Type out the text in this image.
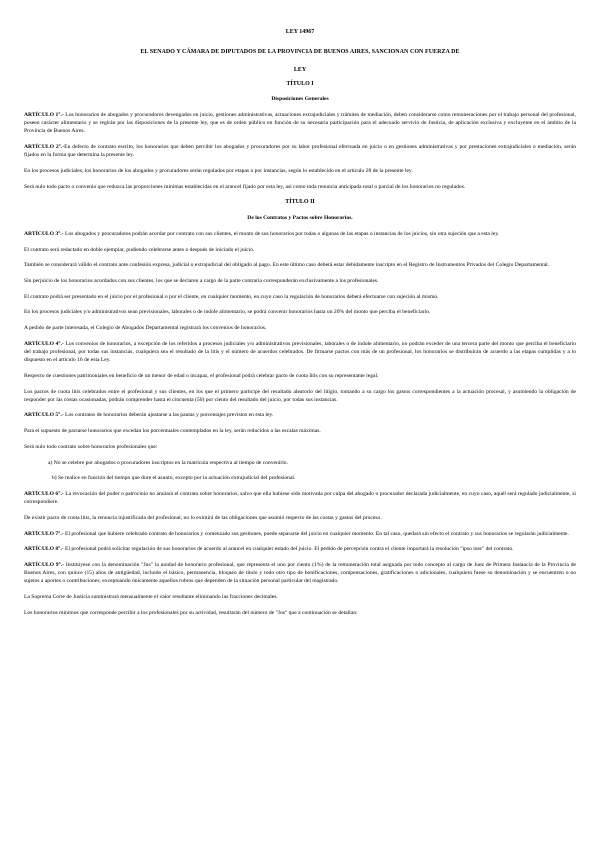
LEY 14967
EL SENADO Y CÁMARA DE DIPUTADOS DE LA PROVINCIA DE BUENOS AIRES, SANCIONAN CON FUERZA DE
LEY
TÍTULO I
Disposiciones Generales

ARTÍCULO 1°.- Los honorarios de abogados y procuradores devengados en juicio, gestiones administrativas, actuaciones extrajudiciales y trámites de mediación, deben considerarse como remuneraciones por el trabajo personal del profesional, poseen carácter alimentario y se regirán por las disposiciones de la presente ley, que es de orden público en función de su necesaria participación para el adecuado servicio de Justicia, de aplicación exclusiva y excluyente en el ámbito de la Provincia de Buenos Aires.

ARTÍCULO 2°.-En defecto de contrato escrito, los honorarios que deben percibir los abogados y procuradores por su labor profesional efectuada en juicio o en gestiones administrativas y por prestaciones extrajudiciales o mediación, serán fijados en la forma que determina la presente ley.

En los procesos judiciales, los honorarios de los abogados y procuradores serán regulados por etapas o por instancias, según lo establecido en el artículo 28 de la presente ley.

Será nulo todo pacto o convenio que reduzca las proporciones mínimas establecidas en el arancel fijado por esta ley, así como toda renuncia anticipada total o parcial de los honorarios no regulados.

TÍTULO II
De los Contratos y Pactos sobre Honorarios.

ARTÍCULO 3°.- Los abogados y procuradores podrán acordar por contrato con sus clientes, el monto de sus honorarios por todas o algunas de las etapas o instancias de los juicios, sin otra sujeción que a esta ley.

El contrato será redactado en doble ejemplar, pudiendo celebrarse antes o después de iniciado el juicio.

También se considerará válido el contrato ante confesión expresa, judicial o extrajudicial del obligado al pago. En este último caso deberá estar debidamente inscripto en el Registro de Instrumentos Privados del Colegio Departamental.

Sin perjuicio de los honorarios acordados con sus clientes, los que se declaren a cargo de la parte contraria corresponderán exclusivamente a los profesionales.

El contrato podrá ser presentado en el juicio por el profesional o por el cliente, en cualquier momento, en cuyo caso la regulación de honorarios deberá efectuarse con sujeción al mismo.

En los procesos judiciales y/o administrativos sean previsionales, laborales o de índole alimentario, se podrá convenir honorarios hasta un 20% del monto que perciba el beneficiario.

A pedido de parte interesada, el Colegio de Abogados Departamental registrará los convenios de honorarios.

ARTÍCULO 4°.- Los convenios de honorarios, a excepción de los referidos a procesos judiciales y/o administrativos previsionales, laborales o de índole alimentario, no podrán exceder de una tercera parte del monto que perciba el beneficiario del trabajo profesional, por todas sus instancias, cualquiera sea el resultado de la litis y el número de acuerdos celebrados. De firmarse pactos con más de un profesional, los honorarios se distribuirán de acuerdo a las etapas cumplidas y a lo dispuesto en el artículo 16 de esta Ley.

Respecto de cuestiones patrimoniales en beneficio de un menor de edad o incapaz, el profesional podrá celebrar pacto de cuota litis con su representante legal.

Los pactos de cuota litis celebrados entre el profesional y sus clientes, en los que el primero participe del resultado aleatorio del litigio, tomando a su cargo los gastos correspondientes a la actuación procesal, y asumiendo la obligación de responder por las costas ocasionadas, podrán comprender hasta el cincuenta (50) por ciento del resultado del juicio, por todas sus instancias.

ARTÍCULO 5°.- Los contratos de honorarios deberán ajustarse a las pautas y porcentajes previstos en esta ley.

Para el supuesto de pactarse honorarios que excedan los porcentuales contemplados en la ley, serán reducidos a las escalas máximas.

Será nulo todo contrato sobre honorarios profesionales que:

a) No se celebre por abogados o procuradores inscriptos en la matrícula respectiva al tiempo de convenirlo.
b) Se realice en función del tiempo que dure el asunto, excepto por la actuación extrajudicial del profesional.

ARTÍCULO 6°.- La revocación del poder o patrocinio no anulará el contrato sobre honorarios, salvo que ella hubiese sido motivada por culpa del abogado o procurador declarada judicialmente, en cuyo caso, aquél será regulado judicialmente, si correspondiere.

De existir pacto de cuota litis, la renuncia injustificada del profesional, no lo eximirá de las obligaciones que asumió respecto de las costas y gastos del proceso.

ARTÍCULO 7°.- El profesional que hubiere celebrado contrato de honorarios y comenzado sus gestiones, puede separarse del juicio en cualquier momento. En tal caso, quedará sin efecto el contrato y sus honorarios se regularán judicialmente.

ARTÍCULO 8°.- El profesional podrá solicitar regulación de sus honorarios de acuerdo al arancel en cualquier estado del juicio. El pedido de percepción contra el cliente importará la resolución "ipso iure" del contrato.

ARTÍCULO 9°.- Institúyese con la denominación "Jus" la unidad de honorario profesional, que representa el uno por ciento (1%) de la remuneración total asignada por todo concepto al cargo de Juez de Primera Instancia de la Provincia de Buenos Aires, con quince (15) años de antigüedad, incluido el básico, permanencia, bloqueo de título y todo otro tipo de bonificaciones, compensaciones, gratificaciones o adicionales, cualquiera fuese su denominación y se encuentren o no sujetos a aportes o contribuciones, exceptuando únicamente aquellos rubros que dependen de la situación personal particular del magistrado.

La Suprema Corte de Justicia suministrará mensualmente el valor resultante eliminando las fracciones decimales.

Los honorarios mínimos que corresponde percibir a los profesionales por su actividad, resultarán del número de "Jus" que a continuación se detallan:
